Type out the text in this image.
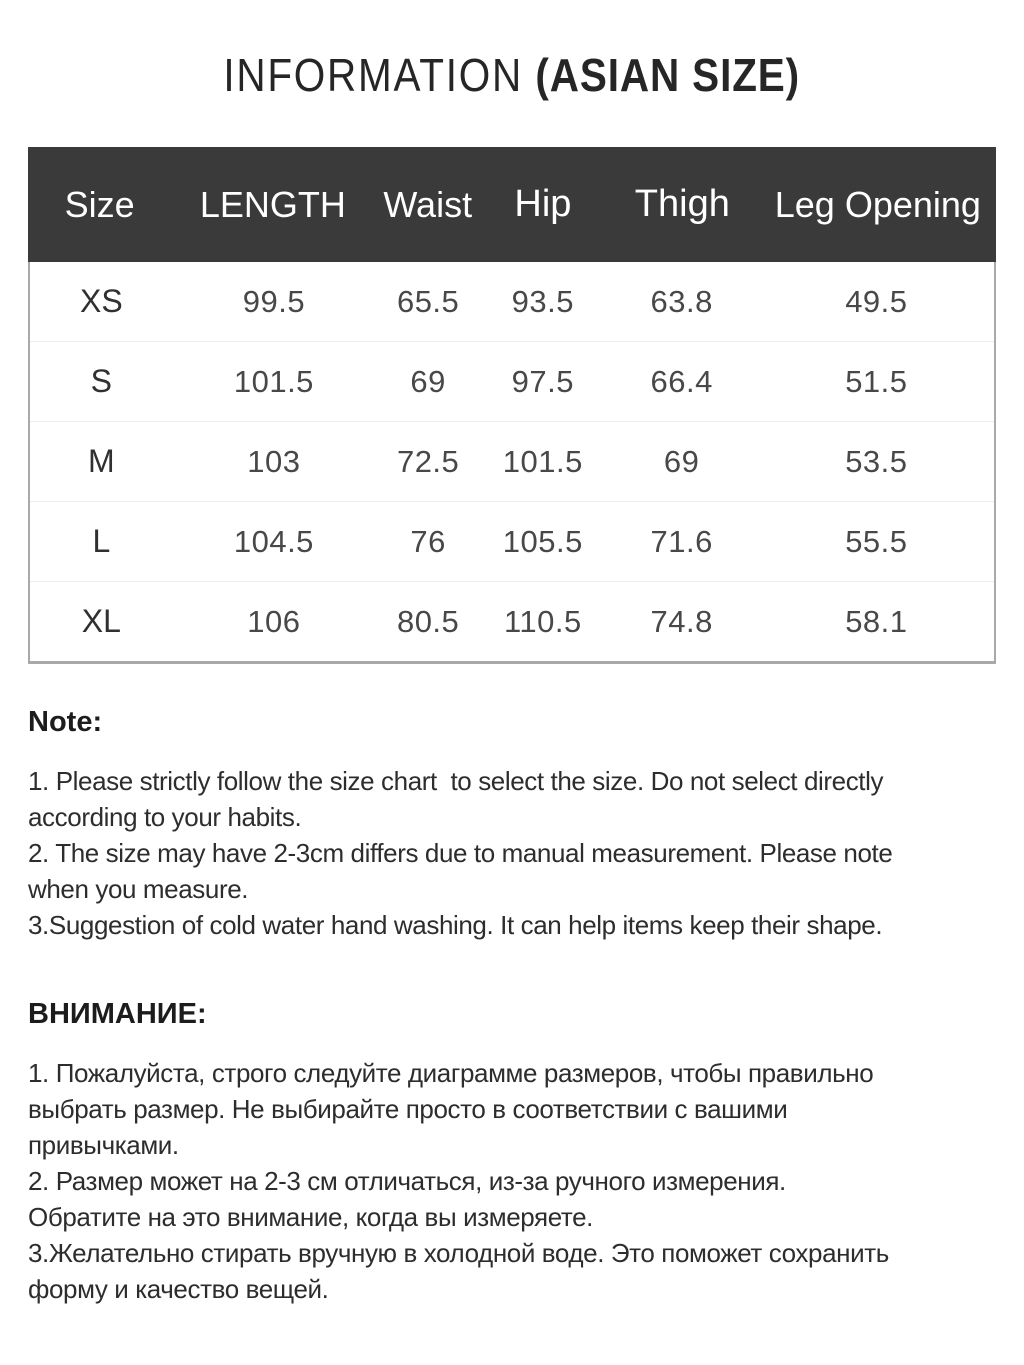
INFORMATION (ASIAN SIZE)
Size	LENGTH	Waist	Hip	Thigh	Leg Opening
XS	99.5	65.5	93.5	63.8	49.5
S	101.5	69	97.5	66.4	51.5
M	103	72.5	101.5	69	53.5
L	104.5	76	105.5	71.6	55.5
XL	106	80.5	110.5	74.8	58.1
Note:
1. Please strictly follow the size chart  to select the size. Do not select directly
according to your habits.
2. The size may have 2-3cm differs due to manual measurement. Please note
when you measure.
3.Suggestion of cold water hand washing. It can help items keep their shape.
ВНИМАНИЕ:
1. Пожалуйста, строго следуйте диаграмме размеров, чтобы правильно
выбрать размер. Не выбирайте просто в соответствии с вашими
привычками.
2. Размер может на 2-3 см отличаться, из-за ручного измерения.
Обратите на это внимание, когда вы измеряете.
3.Желательно стирать вручную в холодной воде. Это поможет сохранить
форму и качество вещей.
